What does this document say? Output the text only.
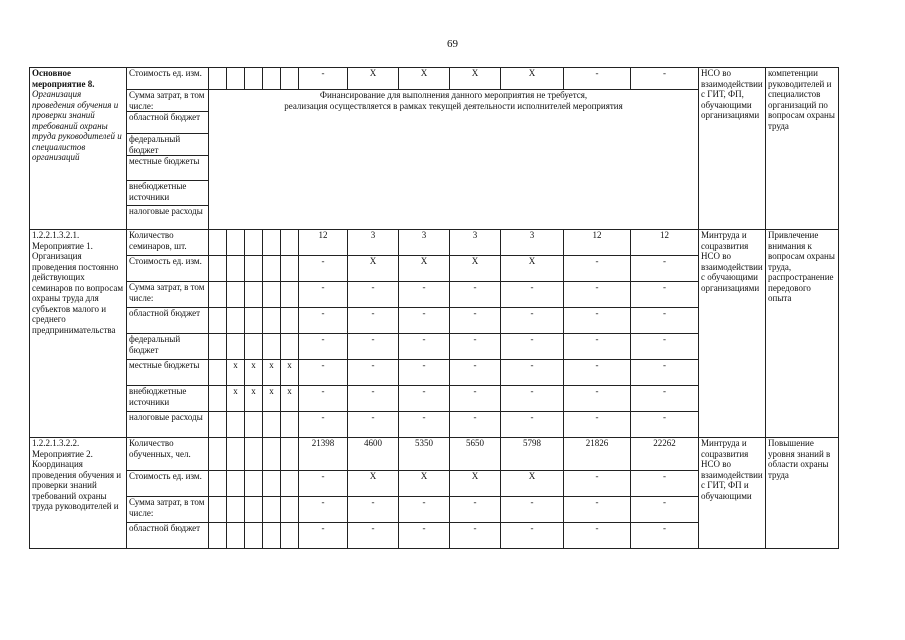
69
Основное мероприятие 8.
Организация проведения обучения и проверки знаний требований охраны труда руководителей и специалистов организаций	Стоимость ед. изм.						-	X	X	X	X	-	-	НСО во взаимодействии с ГИТ, ФП, обучающими организациями	компетенции руководителей и специалистов организаций по вопросам охраны труда
	Сумма затрат, в том числе:	Финансирование для выполнения данного мероприятия не требуется,
реализация осуществляется в рамках текущей деятельности исполнителей мероприятия													

	областной бюджет														
	федеральный бюджет														
	местные бюджеты														
	внебюджетные источники														
	налоговые расходы														
1.2.2.1.3.2.1. Мероприятие 1. Организация проведения постоянно действующих семинаров по вопросам охраны труда для субъектов малого и среднего предпринимательства	Количество семинаров, шт.						12	3	3	3	3	12	12	Минтруда и соцразвития НСО во взаимодействии с обучающими организациями	Привлечение внимания к вопросам охраны труда, распространение передового опыта
	Стоимость ед. изм.						-	X	X	X	X	-	-		
	Сумма затрат, в том числе:						-	-	-	-	-	-	-		
	областной бюджет						-	-	-	-	-	-	-		
	федеральный бюджет						-	-	-	-	-	-	-		
	местные бюджеты		х	х	х	х	-	-	-	-	-	-	-		
	внебюджетные источники		х	х	х	х	-	-	-	-	-	-	-		
	налоговые расходы						-	-	-	-	-	-	-		
1.2.2.1.3.2.2. Мероприятие 2. Координация проведения обучения и проверки знаний требований охраны труда руководителей и	Количество обученных, чел.						21398	4600	5350	5650	5798	21826	22262	Минтруда и соцразвития НСО во взаимодействии с ГИТ, ФП и обучающими	Повышение уровня знаний в области охраны труда
	Стоимость ед. изм.						-	X	X	X	X	-	-		
	Сумма затрат, в том числе:						-	-	-	-	-	-	-		
	областной бюджет						-	-	-	-	-	-	-		
